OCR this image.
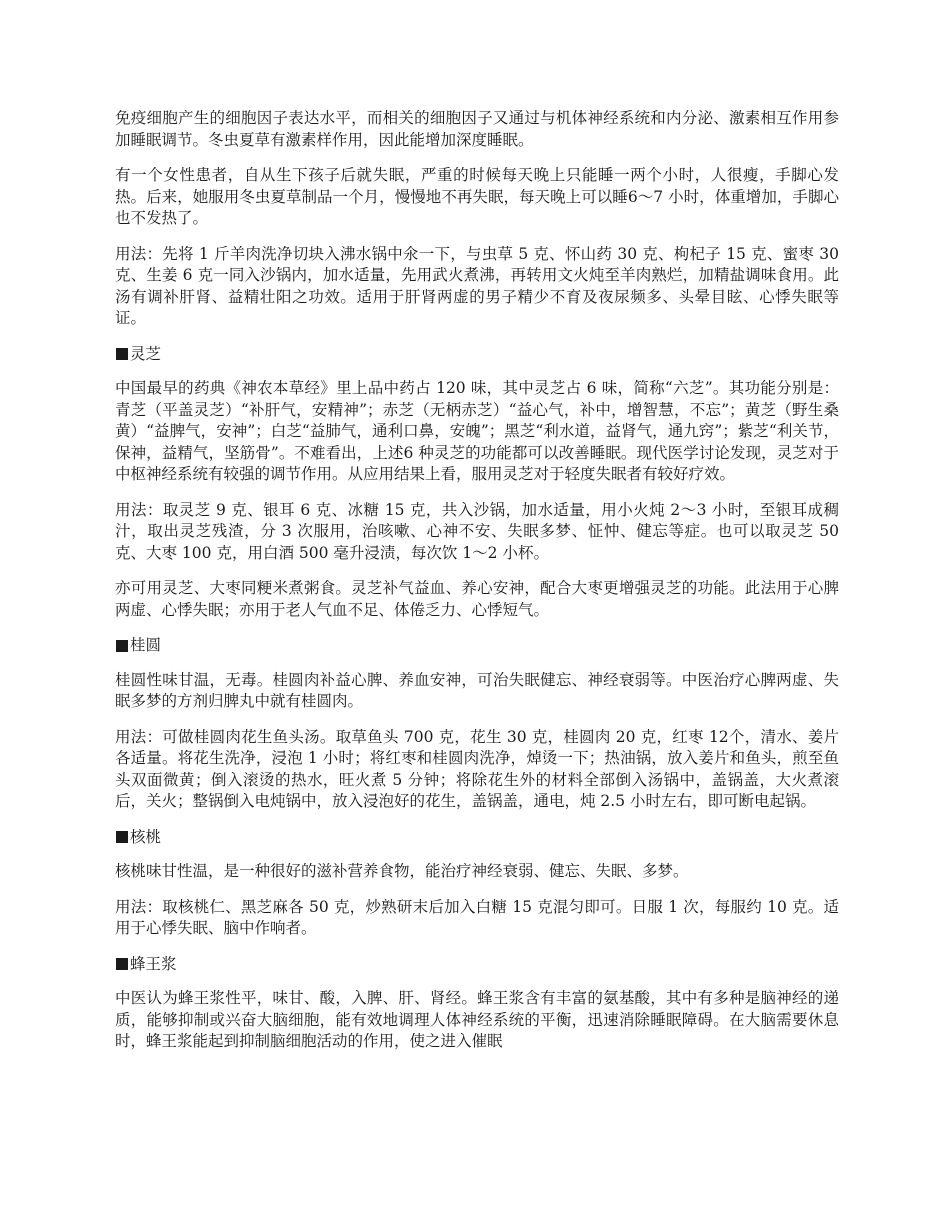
免疫细胞产生的细胞因子表达水平，而相关的细胞因子又通过与机体神经系统和内分泌、激素相互作用参加睡眠调节。冬虫夏草有激素样作用，因此能增加深度睡眠。

有一个女性患者，自从生下孩子后就失眠，严重的时候每天晚上只能睡一两个小时，人很瘦，手脚心发热。后来，她服用冬虫夏草制品一个月，慢慢地不再失眠，每天晚上可以睡6～7 小时，体重增加，手脚心也不发热了。

用法：先将 1 斤羊肉洗净切块入沸水锅中氽一下，与虫草 5 克、怀山药 30 克、枸杞子 15 克、蜜枣 30 克、生姜 6 克一同入沙锅内，加水适量，先用武火煮沸，再转用文火炖至羊肉熟烂，加精盐调味食用。此汤有调补肝肾、益精壮阳之功效。适用于肝肾两虚的男子精少不育及夜尿频多、头晕目眩、心悸失眠等证。

灵芝

中国最早的药典《神农本草经》里上品中药占 120 味，其中灵芝占 6 味，简称“六芝”。其功能分别是：青芝（平盖灵芝）“补肝气，安精神”；赤芝（无柄赤芝）“益心气，补中，增智慧，不忘”；黄芝（野生桑黄）“益脾气，安神”；白芝“益肺气，通利口鼻，安魄”；黑芝“利水道，益肾气，通九窍”；紫芝“利关节，保神，益精气，坚筋骨”。不难看出，上述6 种灵芝的功能都可以改善睡眠。现代医学讨论发现，灵芝对于中枢神经系统有较强的调节作用。从应用结果上看，服用灵芝对于轻度失眠者有较好疗效。

用法：取灵芝 9 克、银耳 6 克、冰糖 15 克，共入沙锅，加水适量，用小火炖 2～3 小时，至银耳成稠汁，取出灵芝残渣，分 3 次服用，治咳嗽、心神不安、失眠多梦、怔忡、健忘等症。也可以取灵芝 50 克、大枣 100 克，用白酒 500 毫升浸渍，每次饮 1～2 小杯。

亦可用灵芝、大枣同粳米煮粥食。灵芝补气益血、养心安神，配合大枣更增强灵芝的功能。此法用于心脾两虚、心悸失眠；亦用于老人气血不足、体倦乏力、心悸短气。

桂圆

桂圆性味甘温，无毒。桂圆肉补益心脾、养血安神，可治失眠健忘、神经衰弱等。中医治疗心脾两虚、失眠多梦的方剂归脾丸中就有桂圆肉。

用法：可做桂圆肉花生鱼头汤。取草鱼头 700 克，花生 30 克，桂圆肉 20 克，红枣 12个，清水、姜片各适量。将花生洗净，浸泡 1 小时；将红枣和桂圆肉洗净，焯烫一下；热油锅，放入姜片和鱼头，煎至鱼头双面微黄；倒入滚烫的热水，旺火煮 5 分钟；将除花生外的材料全部倒入汤锅中，盖锅盖，大火煮滚后，关火；整锅倒入电炖锅中，放入浸泡好的花生，盖锅盖，通电，炖 2.5 小时左右，即可断电起锅。

核桃

核桃味甘性温，是一种很好的滋补营养食物，能治疗神经衰弱、健忘、失眠、多梦。

用法：取核桃仁、黑芝麻各 50 克，炒熟研末后加入白糖 15 克混匀即可。日服 1 次，每服约 10 克。适用于心悸失眠、脑中作响者。

蜂王浆

中医认为蜂王浆性平，味甘、酸，入脾、肝、肾经。蜂王浆含有丰富的氨基酸，其中有多种是脑神经的递质，能够抑制或兴奋大脑细胞，能有效地调理人体神经系统的平衡，迅速消除睡眠障碍。在大脑需要休息时，蜂王浆能起到抑制脑细胞活动的作用，使之进入催眠
